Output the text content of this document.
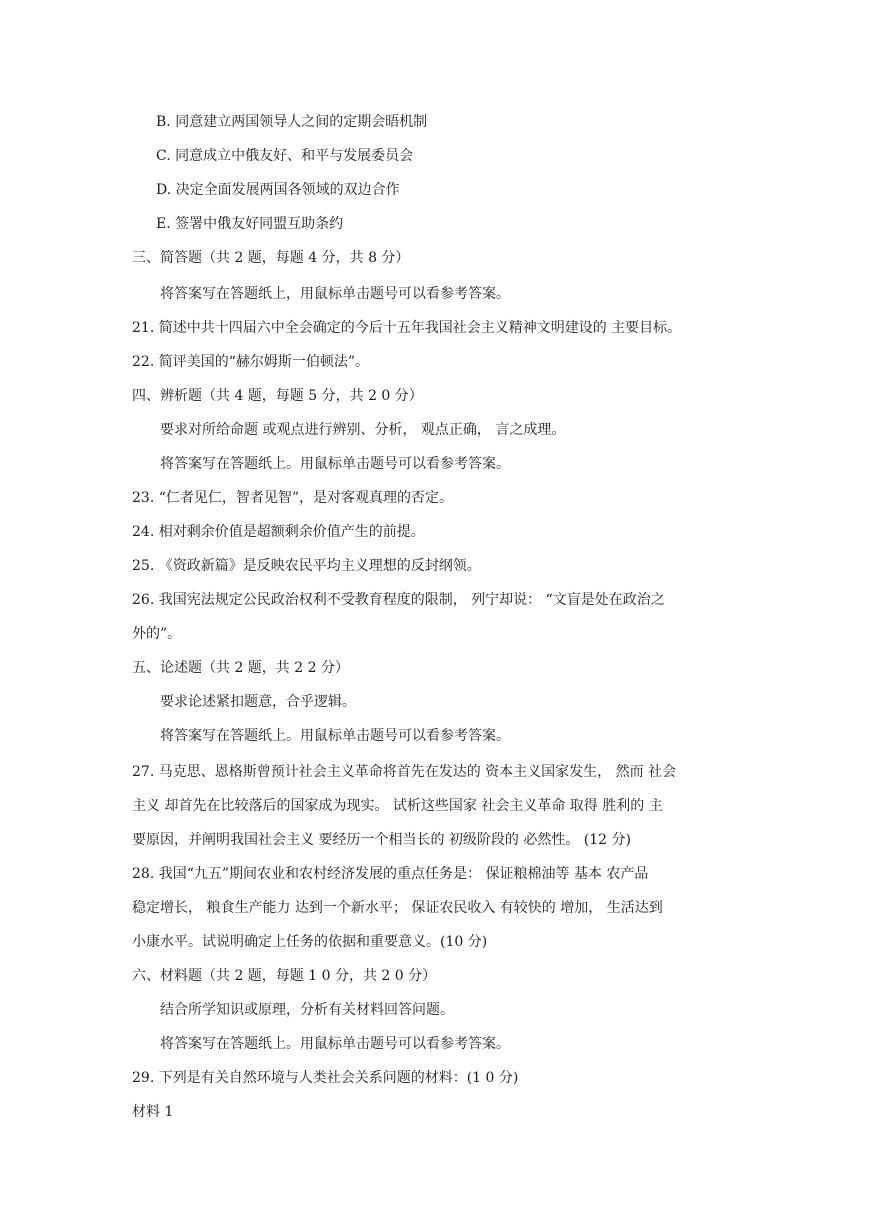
B. 同意建立两国领导人之间的定期会晤机制
C. 同意成立中俄友好、和平与发展委员会
D. 决定全面发展两国各领域的双边合作
E. 签署中俄友好同盟互助条约
三、简答题（共 2 题，每题 4 分，共 8 分）
将答案写在答题纸上，用鼠标单击题号可以看参考答案。
21. 简述中共十四届六中全会确定的今后十五年我国社会主义精神文明建设的 主要目标。
22. 简评美国的“赫尔姆斯一伯顿法”。
四、辨析题（共 4 题，每题 5 分，共 2 0 分）
要求对所给命题 或观点进行辨别、分析， 观点正确， 言之成理。
将答案写在答题纸上。用鼠标单击题号可以看参考答案。
23. “仁者见仁，智者见智”，是对客观真理的否定。
24. 相对剩余价值是超额剩余价值产生的前提。
25. 《资政新篇》是反映农民平均主义理想的反封纲领。
26. 我国宪法规定公民政治权利不受教育程度的限制， 列宁却说： “文盲是处在政治之
外的”。
五、论述题（共 2 题，共 2 2 分）
要求论述紧扣题意，合乎逻辑。
将答案写在答题纸上。用鼠标单击题号可以看参考答案。
27. 马克思、恩格斯曾预计社会主义革命将首先在发达的 资本主义国家发生， 然而 社会
主义 却首先在比较落后的国家成为现实。 试析这些国家 社会主义革命 取得 胜利的 主
要原因，并阐明我国社会主义 要经历一个相当长的 初级阶段的 必然性。 (12 分)
28. 我国“九五”期间农业和农村经济发展的重点任务是： 保证粮棉油等 基本 农产品
稳定增长， 粮食生产能力 达到一个新水平； 保证农民收入 有较快的 增加， 生活达到
小康水平。试说明确定上任务的依据和重要意义。(10 分)
六、材料题（共 2 题，每题 1 0 分，共 2 0 分）
结合所学知识或原理，分析有关材料回答问题。
将答案写在答题纸上。用鼠标单击题号可以看参考答案。
29. 下列是有关自然环境与人类社会关系问题的材料：(1 0 分)
材料 1
